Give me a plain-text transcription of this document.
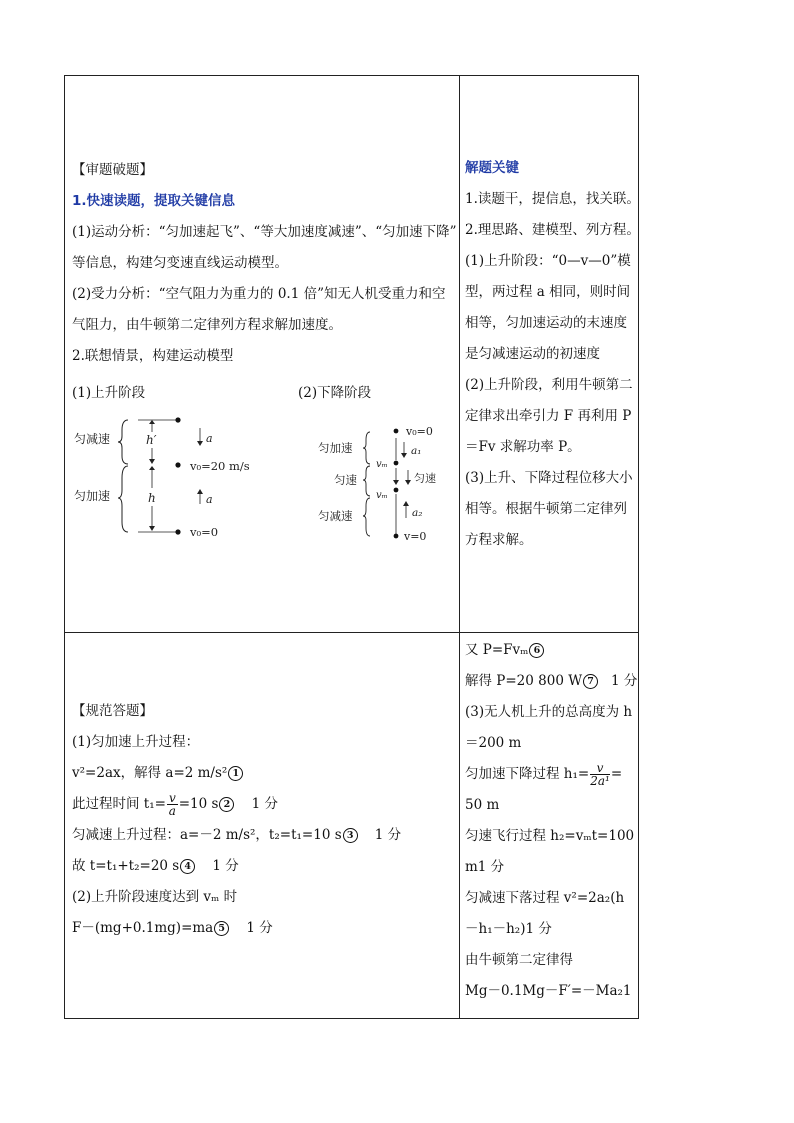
【审题破题】

1.快速读题，提取关键信息

(1)运动分析：“匀加速起飞”、“等大加速度减速”、“匀加速下降”

等信息，构建匀变速直线运动模型。

(2)受力分析：“空气阻力为重力的 0.1 倍”知无人机受重力和空

气阻力，由牛顿第二定律列方程求解加速度。

2.联想情景，构建运动模型

(1)上升阶段	(2)下降阶段
匀减速
匀加速
h′
h
a
v₀=20 m/s
a
v₀=0
匀加速
匀速
匀减速
v₀=0
a₁
vₘ
匀速
vₘ
a₂
v=0

解题关键

1.读题干，提信息，找关联。

2.理思路、建模型、列方程。

(1)上升阶段：“0—v—0”模

型，两过程 a 相同，则时间

相等，匀加速运动的末速度

是匀减速运动的初速度

(2)上升阶段，利用牛顿第二

定律求出牵引力 F 再利用 P

＝Fv 求解功率 P。

(3)上升、下降过程位移大小

相等。根据牛顿第二定律列

方程求解。

【规范答题】

(1)匀加速上升过程：

v²=2ax，解得 a=2 m/s² 1

此过程时间 $t_1= \frac{v}{a} =10$ s 2 1 分

匀减速上升过程：a=－2 m/s²，t₂=t₁=10 s 3 1 分

故 t=t₁+t₂=20 s 4 1 分

(2)上升阶段速度达到 vₘ 时

F－(mg+0.1mg)=ma 5 1 分

又 P=Fvₘ 6

解得 P=20 800 W 7 1 分

(3)无人机上升的总高度为 h

＝200 m

匀加速下降过程 $h_1= \frac{v}{\text{2a¹}}$ =

50 m

匀速飞行过程 h₂=vₘt=100

m1 分

匀减速下落过程 v²=2a₂(h

－h₁－h₂)1 分

由牛顿第二定律得

Mg－0.1Mg－F′=－Ma₂1
